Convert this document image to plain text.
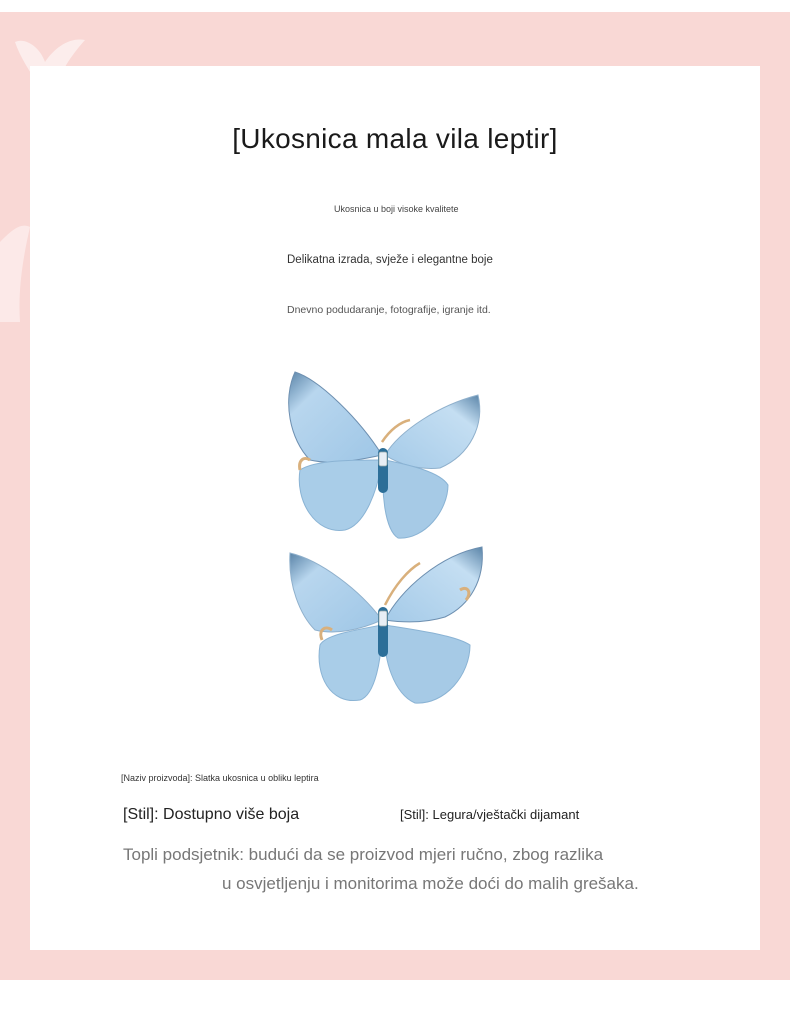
[Ukosnica mala vila leptir]
Ukosnica u boji visoke kvalitete
Delikatna izrada, svježe i elegantne boje
Dnevno podudaranje, fotografije, igranje itd.
[Naziv proizvoda]: Slatka ukosnica u obliku leptira
[Stil]: Dostupno više boja	[Stil]: Legura/vještački dijamant
Topli podsjetnik: budući da se proizvod mjeri ručno, zbog razlika
u osvjetljenju i monitorima može doći do malih grešaka.
